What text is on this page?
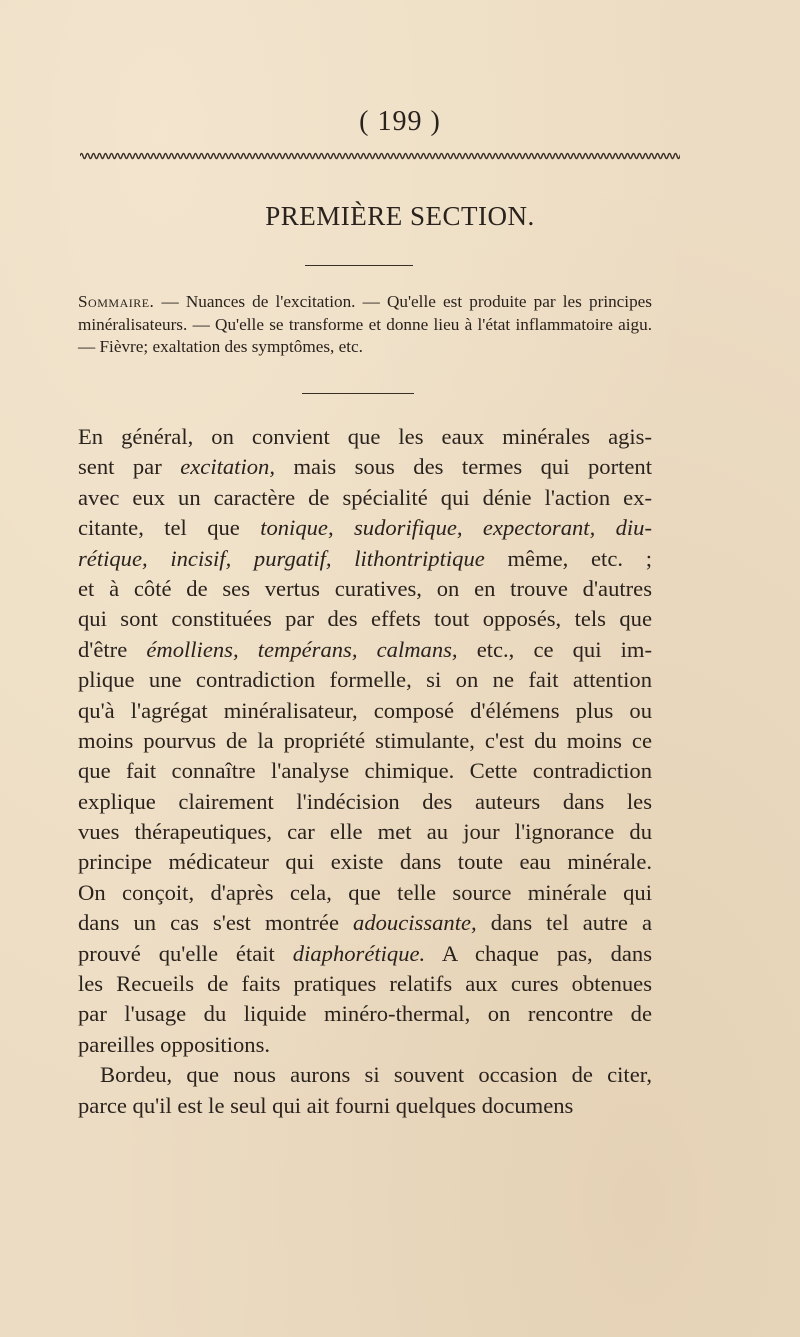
( 199 )
PREMIÈRE SECTION.
Sommaire. — Nuances de l'excitation. — Qu'elle est produite par les principes minéralisateurs. — Qu'elle se transforme et donne lieu à l'état inflammatoire aigu. — Fièvre; exaltation des symptômes, etc.
En général, on convient que les eaux minérales agis-
sent par excitation, mais sous des termes qui portent
avec eux un caractère de spécialité qui dénie l'action ex-
citante, tel que tonique, sudorifique, expectorant, diu-
rétique, incisif, purgatif, lithontriptique même, etc. ;
et à côté de ses vertus curatives, on en trouve d'autres
qui sont constituées par des effets tout opposés, tels que
d'être émolliens, tempérans, calmans, etc., ce qui im-
plique une contradiction formelle, si on ne fait attention
qu'à l'agrégat minéralisateur, composé d'élémens plus ou
moins pourvus de la propriété stimulante, c'est du moins ce
que fait connaître l'analyse chimique. Cette contradiction
explique clairement l'indécision des auteurs dans les
vues thérapeutiques, car elle met au jour l'ignorance du
principe médicateur qui existe dans toute eau minérale.
On conçoit, d'après cela, que telle source minérale qui
dans un cas s'est montrée adoucissante, dans tel autre a
prouvé qu'elle était diaphorétique. A chaque pas, dans
les Recueils de faits pratiques relatifs aux cures obtenues
par l'usage du liquide minéro-thermal, on rencontre de
pareilles oppositions.
Bordeu, que nous aurons si souvent occasion de citer,
parce qu'il est le seul qui ait fourni quelques documens
